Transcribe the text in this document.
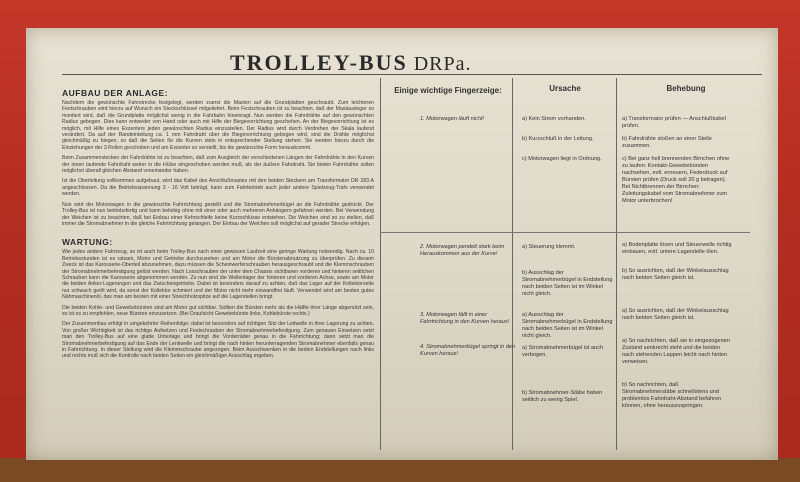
TROLLEY-BUS DRPa.
AUFBAU DER ANLAGE:

Nachdem die gewünschte Fahrstrecke festgelegt, werden zuerst die Masten auf die Grundplatten geschraubt. Zum leichteren Festschrauben wird hierzu auf Wunsch ein Steckschlüssel mitgeliefert. Beim Festschrauben ist zu beachten, daß der Mastausleger so montiert wird, daß die Grundplatte möglichst wenig in die Fahrbahn hineinragt. Nun werden die Fahrdrähte auf den gewünschten Radius gebogen. Dies kann entweder von Hand oder auch mit Hilfe der Biegevorrichtung geschehen. An der Biegevorrichtung ist es möglich, mit Hilfe eines Exzenters jeden gewünschten Radius einzustellen. Der Radius wird durch Verdrehen der Skala laufend verändert. Da auf der Randeinteilung ca. 1 mm Fahrdraht über die Biegevorrichtung gebogen wird, sind die Drähte möglichst gleichmäßig zu biegen, so daß die Seiten für die Kurven stets in entsprechender Stellung stehen. Sie werden hierzu durch die Einziehungen der 3 Rollen geschoben und am Exzenter so verstellt, bis die gewünschte Form herauskommt.

Beim Zusammenstecken der Fahrdrähte ist zu beachten, daß zum Ausgleich der verschiedenen Längen der Fahrdrähte in den Kurven der innen laufende Fahrdraht weiter in die Hülse eingeschoben werden muß, als der äußere Fahrdraht. Sie bieten Fahrdrähte sollen möglichst überall gleichen Abstand voneinander haben.

Ist die Oberleitung vollkommen aufgebaut, wird das Kabel des Anschlußmastes mit den beiden Steckern am Transformator DR 283 A angeschlossen. Da die Betriebsspannung 3 - 16 Volt beträgt, kann zum Fahrbetrieb auch jeder andere Spielzeug-Trafo verwendet werden.

Nun wird der Motorwagen in die gewünschte Fahrrichtung gestellt und die Stromabnehmerbügel an die Fahrdrähte gedrückt. Der Trolley-Bus ist nun betriebsfertig und kann beliebig ohne mit einer oder auch mehreren Anhängern gefahren werden. Bei Verwendung der Weichen ist zu beachten, daß bei Einbau einer Kehrschleife keine Kurzschlüsse entstehen. Die Weichen sind so zu stellen, daß immer die Stromabnehmer in die gleiche Fahrtrichtung gelangen. Der Einbau der Weichen soll möglichst auf gerader Strecke erfolgen.

WARTUNG:

Wie jedes andere Fahrzeug, so ist auch beim Trolley-Bus nach einer gewissen Laufzeit eine geringe Wartung notwendig. Nach ca. 10 Betriebsstunden ist es ratsam, Motor und Getriebe durchzusehen und am Motor die Bürstenabnutzung zu überprüfen. Zu diesem Zweck ist das Karosserie-Oberteil abzunehmen, dazu müssen die Scheinwerferschrauben herausgeschraubt und die Klemmschrauben der Stromabnehmerbefestigung gelöst werden. Nach Losschrauben der unter dem Chassis sichtbaren vorderen und hinteren seitlichen Schrauben kann die Karosserie abgenommen werden. Zu nun sind die Wellenlager der hinteren und vorderen Achse, sowie am Motor die beiden Anker-Lagerungen und das Zwischengetriebe. Dabei ist besonders darauf zu achten, daß das Lager auf der Kollektorseite nur schwach geölt wird, da sonst der Kollektor schmiert und der Motor nicht mehr einwandfrei läuft. Verwendet wird am besten gutes Nähmaschinenöl, das man am besten mit einer Streichholzspitze auf die Lagerstellen bringt.

Die beiden Kohle- und Gewebebürsten sind am Motor gut sichtbar. Sollten die Bürsten mehr als die Hälfte ihrer Länge abgenützt sein, so ist es zu empfehlen, neue Bürsten einzusetzen. (Bei Draufsicht Gewebebürste links, Kohlebürste rechts.)

Der Zusammenbau erfolgt in umgekehrter Reihenfolge; dabei ist besonders auf richtigen Sitz der Leitwelle in ihrer Lagerung zu achten. Von großer Wichtigkeit ist das richtige Aufsetzen und Festschrauben der Stromabnehmerbefestigung. Zum genauen Einsetzen setzt man den Trolley-Bus auf eine glatte Unterlage und bringt die Vorderräder genau in die Fahrrichtung; dann setzt man die Stromabnehmerbefestigung auf das Ende der Lenkwelle und bringt die nach hinten herunterragenden Stromabnehmer ebenfalls genau in Fahrrichtung. In dieser Stellung wird die Klemmschraube angezogen. Beim Ausschwenken in die beiden Endstellungen nach links und rechts muß sich die Kontrolle nach beiden Seiten ein gleichmäßiger Ausschlag ergeben.

Einige wichtige Fingerzeige:	Ursache	Behebung
1. Motorwagen läuft nicht!
2. Motorwagen pendelt stark beim Herauskommen aus der Kurve!
3. Motorwagen fällt in einer Fahrtrichtung in den Kurven heraus!
4. Stromabnehmerbügel springt in den Kurven heraus!
a) Kein Strom vorhanden.
b) Kurzschluß in der Leitung.
c) Motorwagen liegt in Ordnung.
a) Steuerung klemmt.
b) Ausschlag der Stromabnehmerbügel in Endstellung nach beiden Seiten ist im Winkel nicht gleich.
a) Ausschlag der Stromabnehmerbügel in Endstellung nach beiden Seiten ist im Winkel nicht gleich.
a) Stromabnehmerbügel ist auch verbogen.
b) Stromabnehmer-Stäbe haben seitlich zu wenig Spiel.
a) Transformator prüfen — Anschlußkabel prüfen.
b) Fahrdrähte stoßen an einer Stelle zusammen.
c) Bei ganz hell brennenden Birnchen ohne zu laufen: Kontakt-Gewebebürsten nachsehen, evtl. erneuern, Federdruck auf Bürsten prüfen (Druck soll 20 g betragen). Bei Nichtbrennen der Birnchen: Zuleitungskabel vom Stromabnehmer zum Motor unterbrochen!
a) Bodenplatte lösen und Steuerwelle richtig einbauen, evtl. untere Lagerstelle ölen.
b) So ausrichten, daß der Winkelausschlag nach beiden Seiten gleich ist.
a) So ausrichten, daß der Winkelausschlag nach beiden Seiten gleich ist.
a) So nachrichten, daß sie in eingezogenen Zustand senkrecht steht und die beiden nach stehenden Lappen leicht nach hinten verweisen.
b) So nachrichten, daß Stromabnehmerstäbe schnellstens und problemlos Fahrdraht-Abstand befahren können, ohne herauszuspringen.
